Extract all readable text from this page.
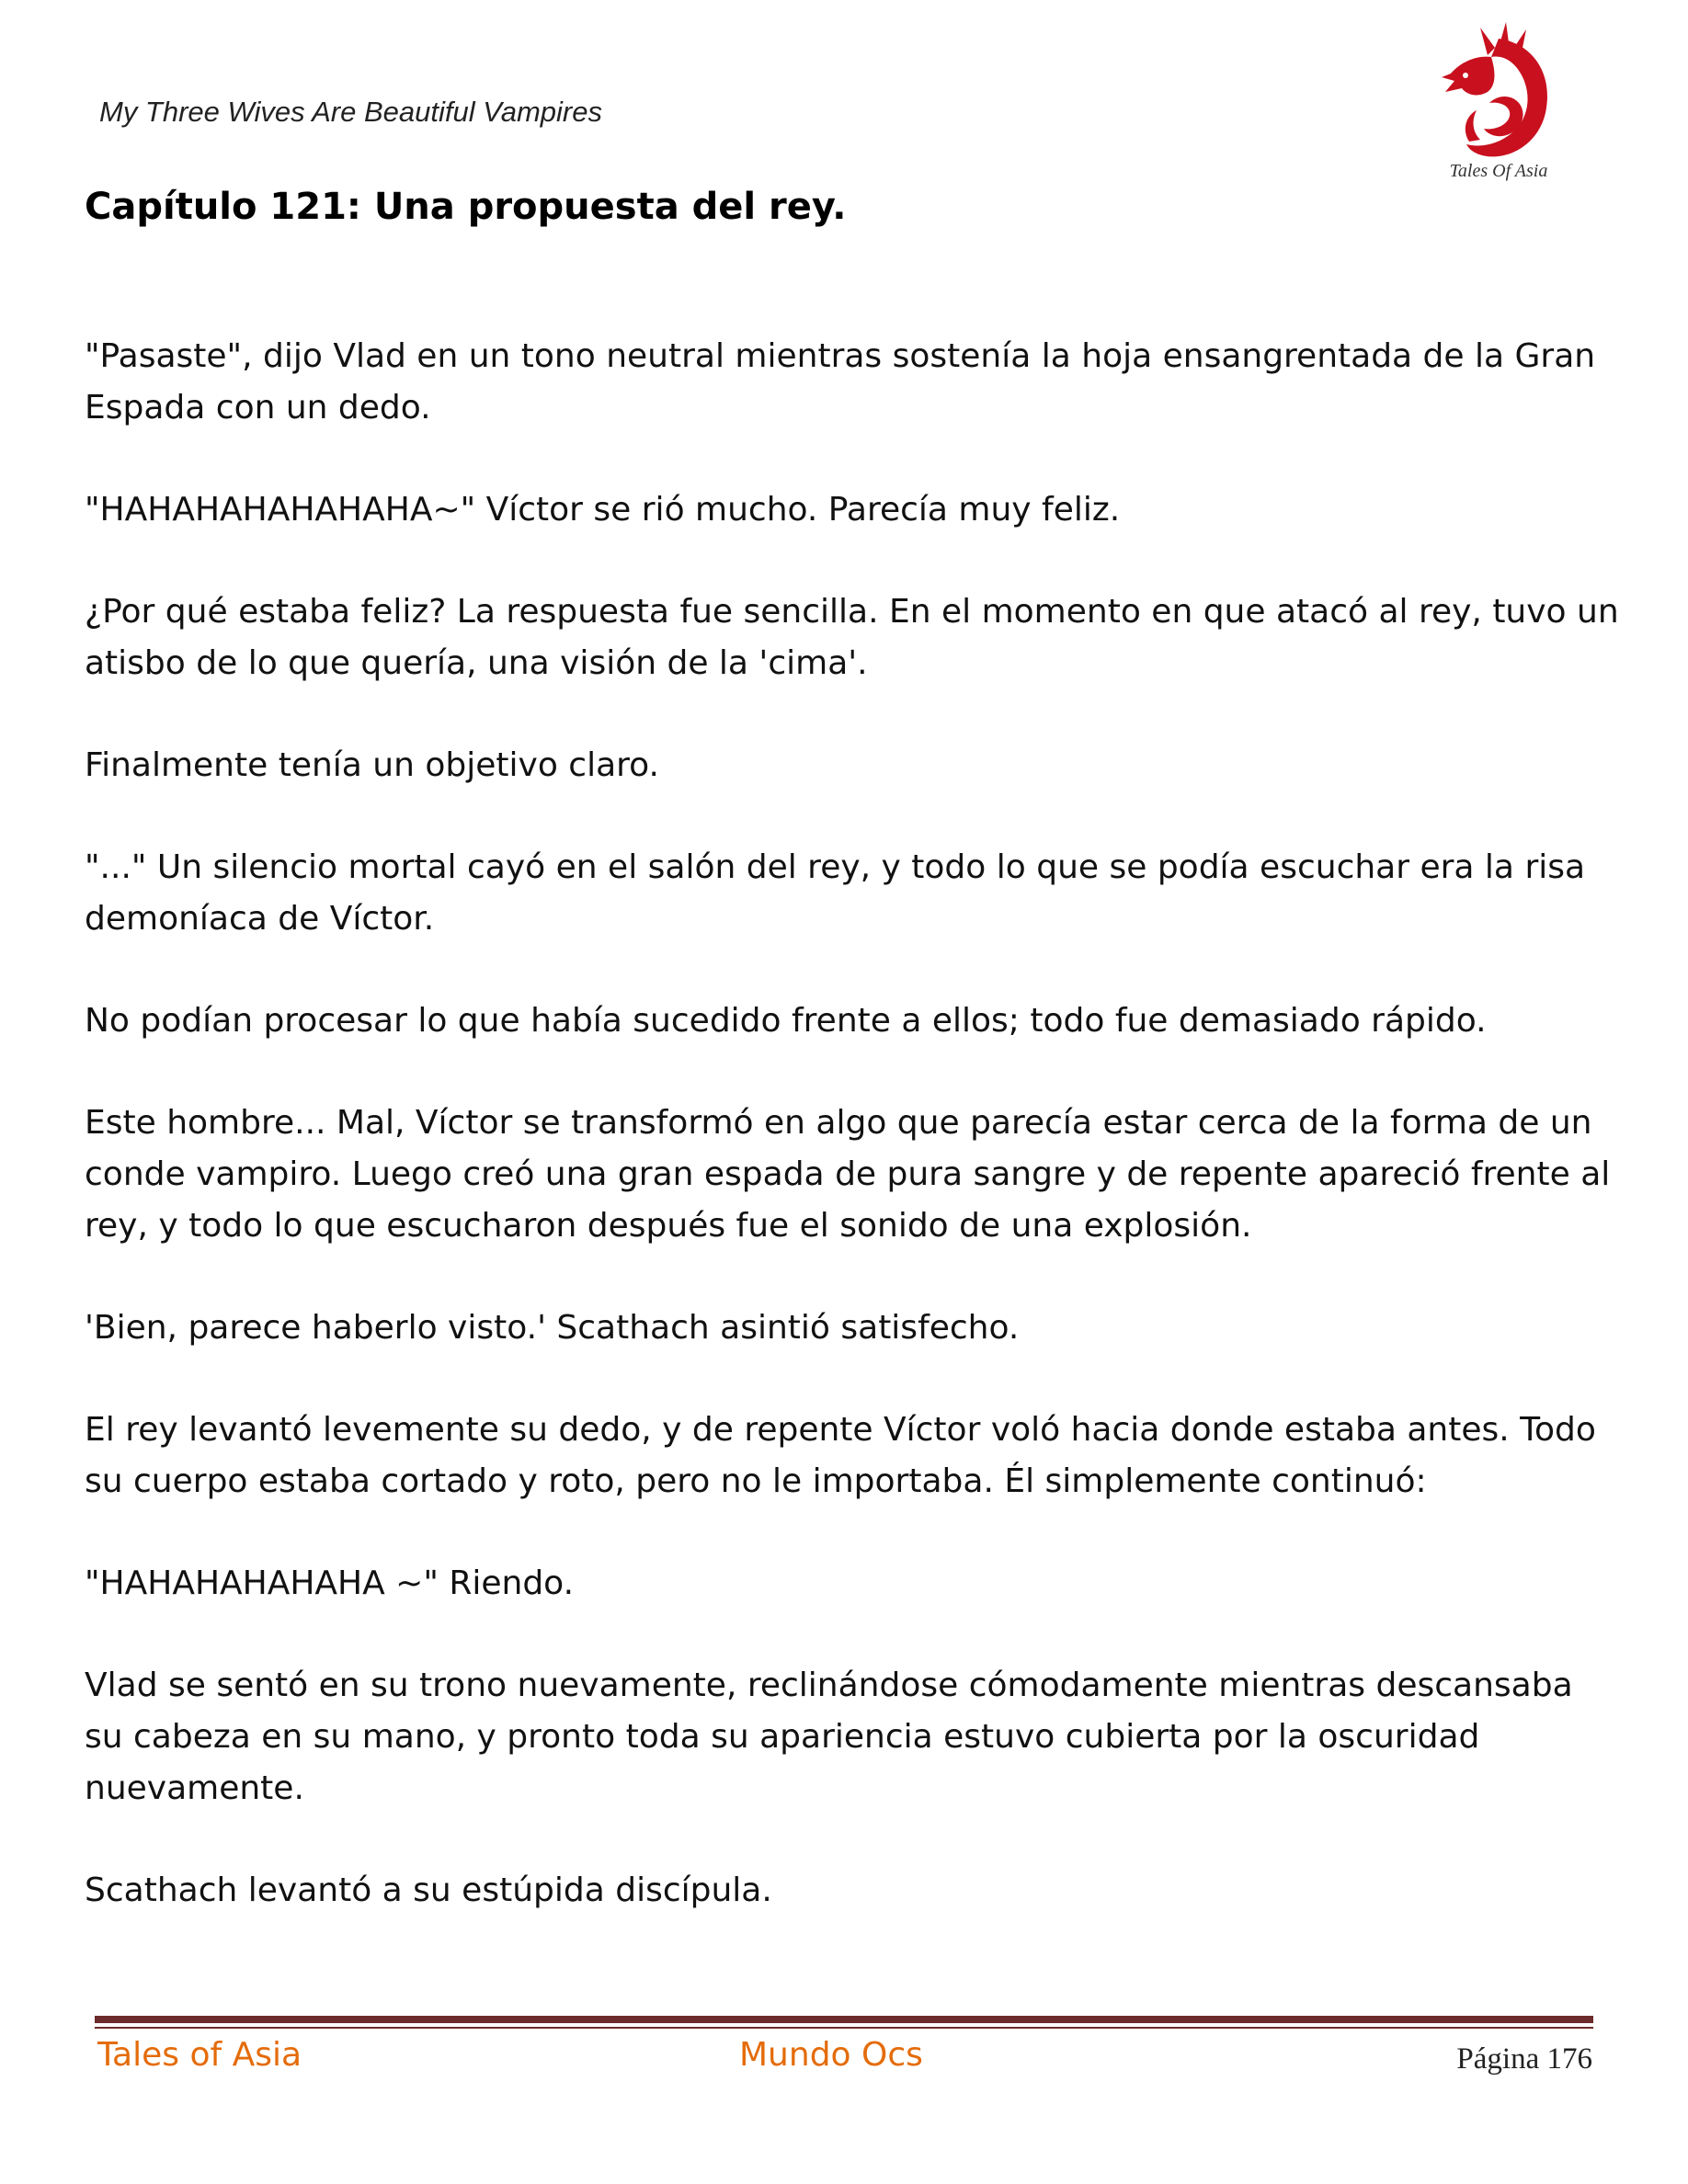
My Three Wives Are Beautiful Vampires
Tales Of Asia
Capítulo 121: Una propuesta del rey.

"Pasaste", dijo Vlad en un tono neutral mientras sostenía la hoja ensangrentada de la Gran Espada con un dedo.

"HAHAHAHAHAHAHA~" Víctor se rió mucho. Parecía muy feliz.

¿Por qué estaba feliz? La respuesta fue sencilla. En el momento en que atacó al rey, tuvo un atisbo de lo que quería, una visión de la 'cima'.

Finalmente tenía un objetivo claro.

"..." Un silencio mortal cayó en el salón del rey, y todo lo que se podía escuchar era la risa demoníaca de Víctor.

No podían procesar lo que había sucedido frente a ellos; todo fue demasiado rápido.

Este hombre... Mal, Víctor se transformó en algo que parecía estar cerca de la forma de un conde vampiro. Luego creó una gran espada de pura sangre y de repente apareció frente al rey, y todo lo que escucharon después fue el sonido de una explosión.

'Bien, parece haberlo visto.' Scathach asintió satisfecho.

El rey levantó levemente su dedo, y de repente Víctor voló hacia donde estaba antes. Todo su cuerpo estaba cortado y roto, pero no le importaba. Él simplemente continuó:

"HAHAHAHAHAHA ~" Riendo.

Vlad se sentó en su trono nuevamente, reclinándose cómodamente mientras descansaba su cabeza en su mano, y pronto toda su apariencia estuvo cubierta por la oscuridad nuevamente.

Scathach levantó a su estúpida discípula.

Tales of Asia	Mundo Ocs	Página 176
